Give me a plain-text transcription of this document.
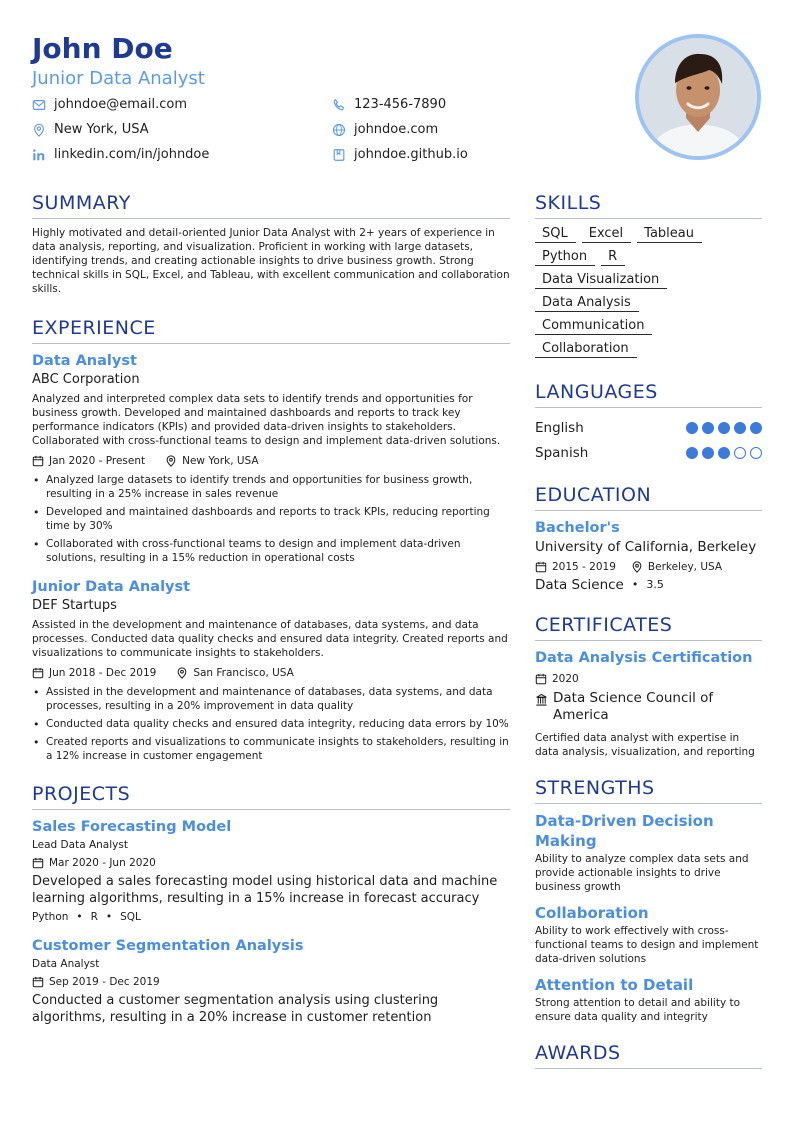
John Doe
Junior Data Analyst
johndoe@email.com	123-456-7890
New York, USA	johndoe.com
linkedin.com/in/johndoe	johndoe.github.io
SUMMARY
Highly motivated and detail-oriented Junior Data Analyst with 2+ years of experience in data analysis, reporting, and visualization. Proficient in working with large datasets, identifying trends, and creating actionable insights to drive business growth. Strong technical skills in SQL, Excel, and Tableau, with excellent communication and collaboration skills.
EXPERIENCE
Data Analyst
ABC Corporation
Analyzed and interpreted complex data sets to identify trends and opportunities for business growth. Developed and maintained dashboards and reports to track key performance indicators (KPIs) and provided data-driven insights to stakeholders. Collaborated with cross-functional teams to design and implement data-driven solutions.
Jan 2020 - Present	New York, USA
• Analyzed large datasets to identify trends and opportunities for business growth, resulting in a 25% increase in sales revenue
• Developed and maintained dashboards and reports to track KPIs, reducing reporting time by 30%
• Collaborated with cross-functional teams to design and implement data-driven solutions, resulting in a 15% reduction in operational costs
Junior Data Analyst
DEF Startups
Assisted in the development and maintenance of databases, data systems, and data processes. Conducted data quality checks and ensured data integrity. Created reports and visualizations to communicate insights to stakeholders.
Jun 2018 - Dec 2019	San Francisco, USA
• Assisted in the development and maintenance of databases, data systems, and data processes, resulting in a 20% improvement in data quality
• Conducted data quality checks and ensured data integrity, reducing data errors by 10%
• Created reports and visualizations to communicate insights to stakeholders, resulting in a 12% increase in customer engagement
PROJECTS
Sales Forecasting Model
Lead Data Analyst
Mar 2020 - Jun 2020
Developed a sales forecasting model using historical data and machine learning algorithms, resulting in a 15% increase in forecast accuracy
Python • R • SQL
Customer Segmentation Analysis
Data Analyst
Sep 2019 - Dec 2019
Conducted a customer segmentation analysis using clustering algorithms, resulting in a 20% increase in customer retention
SKILLS
SQL	Excel	Tableau
Python	R
Data Visualization
Data Analysis
Communication
Collaboration
LANGUAGES
English
Spanish
EDUCATION
Bachelor's
University of California, Berkeley
2015 - 2019	Berkeley, USA
Data Science • 3.5
CERTIFICATES
Data Analysis Certification
2020
Data Science Council of America
Certified data analyst with expertise in data analysis, visualization, and reporting
STRENGTHS
Data-Driven Decision Making
Ability to analyze complex data sets and provide actionable insights to drive business growth
Collaboration
Ability to work effectively with cross-functional teams to design and implement data-driven solutions
Attention to Detail
Strong attention to detail and ability to ensure data quality and integrity
AWARDS
